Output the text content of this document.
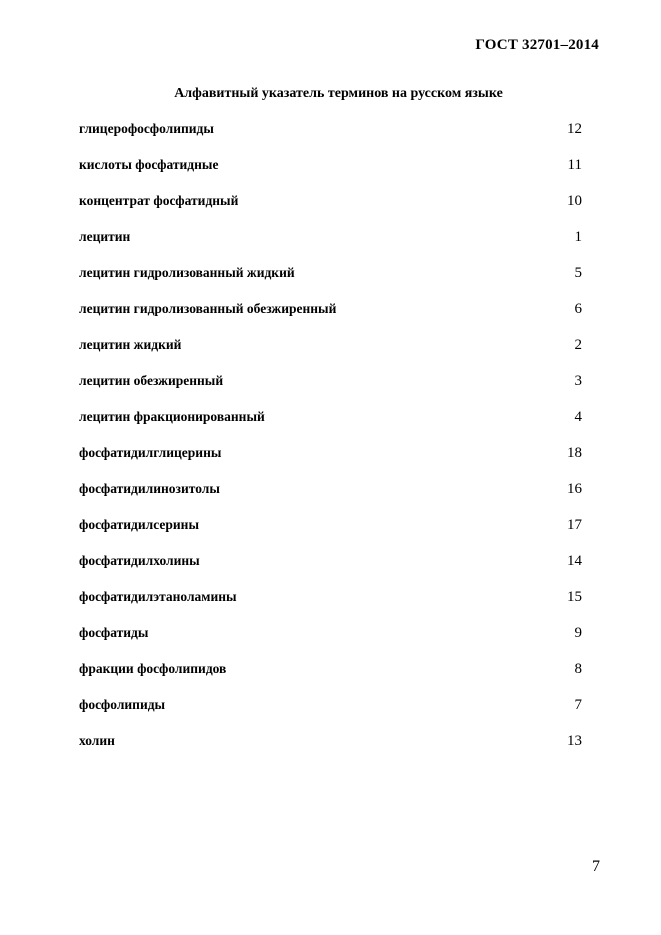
ГОСТ 32701–2014
Алфавитный указатель терминов на русском языке
глицерофосфолипиды	12
кислоты фосфатидные	11
концентрат фосфатидный	10
лецитин	1
лецитин гидролизованный жидкий	5
лецитин гидролизованный обезжиренный	6
лецитин жидкий	2
лецитин обезжиренный	3
лецитин фракционированный	4
фосфатидилглицерины	18
фосфатидилинозитолы	16
фосфатидилсерины	17
фосфатидилхолины	14
фосфатидилэтаноламины	15
фосфатиды	9
фракции фосфолипидов	8
фосфолипиды	7
холин	13
7
